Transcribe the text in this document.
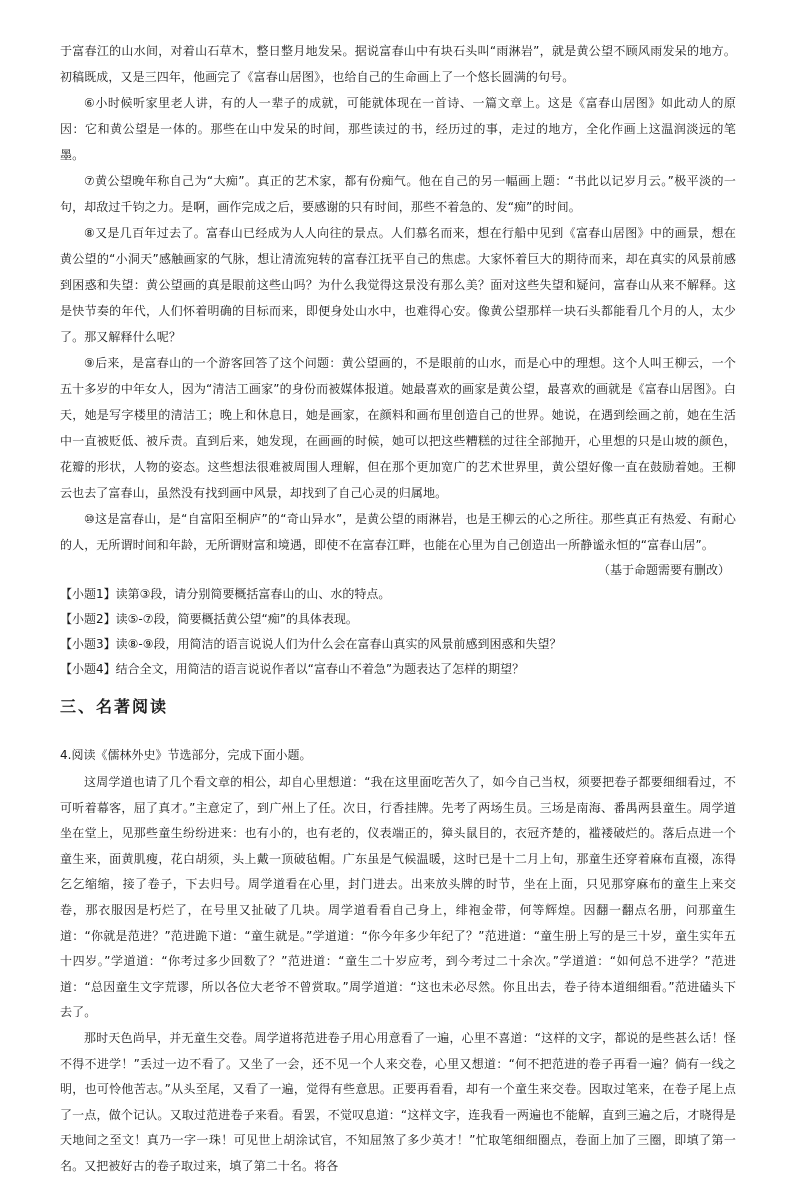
于富春江的山水间，对着山石草木，整日整月地发呆。据说富春山中有块石头叫“雨淋岩”，就是黄公望不顾风雨发呆的地方。初稿既成，又是三四年，他画完了《富春山居图》，也给自己的生命画上了一个悠长圆满的句号。

⑥小时候听家里老人讲，有的人一辈子的成就，可能就体现在一首诗、一篇文章上。这是《富春山居图》如此动人的原因：它和黄公望是一体的。那些在山中发呆的时间，那些读过的书，经历过的事，走过的地方，全化作画上这温润淡远的笔墨。

⑦黄公望晚年称自己为“大痴”。真正的艺术家，都有份痴气。他在自己的另一幅画上题：“书此以记岁月云。”极平淡的一句，却敌过千钧之力。是啊，画作完成之后，要感谢的只有时间，那些不着急的、发“痴”的时间。

⑧又是几百年过去了。富春山已经成为人人向往的景点。人们慕名而来，想在行船中见到《富春山居图》中的画景，想在黄公望的“小洞天”感触画家的气脉，想让清流宛转的富春江抚平自己的焦虑。大家怀着巨大的期待而来，却在真实的风景前感到困惑和失望：黄公望画的真是眼前这些山吗？为什么我觉得这景没有那么美？面对这些失望和疑问，富春山从来不解释。这是快节奏的年代，人们怀着明确的目标而来，即便身处山水中，也难得心安。像黄公望那样一块石头都能看几个月的人，太少了。那又解释什么呢？

⑨后来，是富春山的一个游客回答了这个问题：黄公望画的，不是眼前的山水，而是心中的理想。这个人叫王柳云，一个五十多岁的中年女人，因为“清洁工画家”的身份而被媒体报道。她最喜欢的画家是黄公望，最喜欢的画就是《富春山居图》。白天，她是写字楼里的清洁工；晚上和休息日，她是画家，在颜料和画布里创造自己的世界。她说，在遇到绘画之前，她在生活中一直被贬低、被斥责。直到后来，她发现，在画画的时候，她可以把这些糟糕的过往全部抛开，心里想的只是山坡的颜色，花瓣的形状，人物的姿态。这些想法很难被周围人理解，但在那个更加宽广的艺术世界里，黄公望好像一直在鼓励着她。王柳云也去了富春山，虽然没有找到画中风景，却找到了自己心灵的归属地。

⑩这是富春山，是“自富阳至桐庐”的“奇山异水”，是黄公望的雨淋岩，也是王柳云的心之所往。那些真正有热爱、有耐心的人，无所谓时间和年龄，无所谓财富和境遇，即使不在富春江畔，也能在心里为自己创造出一所静谧永恒的“富春山居”。

（基于命题需要有删改）

【小题1】读第③段，请分别简要概括富春山的山、水的特点。

【小题2】读⑤-⑦段，简要概括黄公望“痴”的具体表现。

【小题3】读⑧-⑨段，用简洁的语言说说人们为什么会在富春山真实的风景前感到困惑和失望？

【小题4】结合全文，用简洁的语言说说作者以“富春山不着急”为题表达了怎样的期望？

三、名著阅读

4.阅读《儒林外史》节选部分，完成下面小题。

这周学道也请了几个看文章的相公，却自心里想道：“我在这里面吃苦久了，如今自己当权，须要把卷子都要细细看过，不可听着幕客，屈了真才。”主意定了，到广州上了任。次日，行香挂牌。先考了两场生员。三场是南海、番禺两县童生。周学道坐在堂上，见那些童生纷纷进来：也有小的，也有老的，仪表端正的，獐头鼠目的，衣冠齐楚的，褴褛破烂的。落后点进一个童生来，面黄肌瘦，花白胡须，头上戴一顶破毡帽。广东虽是气候温暖，这时已是十二月上旬，那童生还穿着麻布直裰，冻得乞乞缩缩，接了卷子，下去归号。周学道看在心里，封门进去。出来放头牌的时节，坐在上面，只见那穿麻布的童生上来交卷，那衣服因是朽烂了，在号里又扯破了几块。周学道看看自己身上，绯袍金带，何等辉煌。因翻一翻点名册，问那童生道：“你就是范进？”范进跪下道：“童生就是。”学道道：“你今年多少年纪了？”范进道：“童生册上写的是三十岁，童生实年五十四岁。”学道道：“你考过多少回数了？”范进道：“童生二十岁应考，到今考过二十余次。”学道道：“如何总不进学？”范进道：“总因童生文字荒谬，所以各位大老爷不曾赏取。”周学道道：“这也未必尽然。你且出去，卷子待本道细细看。”范进磕头下去了。

那时天色尚早，并无童生交卷。周学道将范进卷子用心用意看了一遍，心里不喜道：“这样的文字，都说的是些甚么话！怪不得不进学！”丢过一边不看了。又坐了一会，还不见一个人来交卷，心里又想道：“何不把范进的卷子再看一遍？倘有一线之明，也可怜他苦志。”从头至尾，又看了一遍，觉得有些意思。正要再看看，却有一个童生来交卷。因取过笔来，在卷子尾上点了一点，做个记认。又取过范进卷子来看。看罢，不觉叹息道：“这样文字，连我看一两遍也不能解，直到三遍之后，才晓得是天地间之至文！真乃一字一珠！可见世上胡涂试官，不知屈煞了多少英才！”忙取笔细细圈点，卷面上加了三圈，即填了第一名。又把被好古的卷子取过来，填了第二十名。将各
